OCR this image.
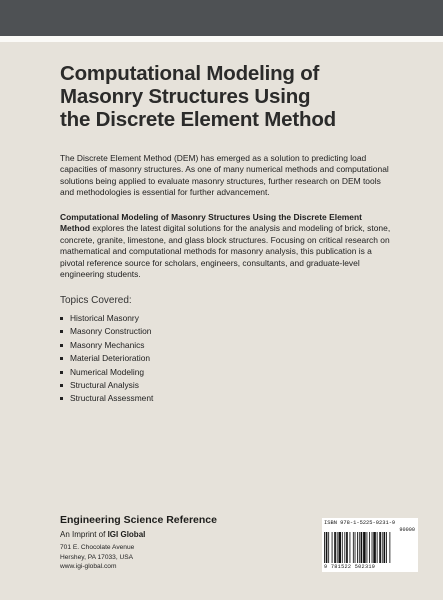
Computational Modeling of
Masonry Structures Using
the Discrete Element Method
The Discrete Element Method (DEM) has emerged as a solution to predicting load capacities of masonry structures. As one of many numerical methods and computational solutions being applied to evaluate masonry structures, further research on DEM tools and methodologies is essential for further advancement.
Computational Modeling of Masonry Structures Using the Discrete Element Method explores the latest digital solutions for the analysis and modeling of brick, stone, concrete, granite, limestone, and glass block structures. Focusing on critical research on mathematical and computational methods for masonry analysis, this publication is a pivotal reference source for scholars, engineers, consultants, and graduate-level engineering students.
Topics Covered:
Historical Masonry
Masonry Construction
Masonry Mechanics
Material Deterioration
Numerical Modeling
Structural Analysis
Structural Assessment
Engineering Science Reference
An Imprint of IGI Global
701 E. Chocolate Avenue
Hershey, PA 17033, USA
www.igi-global.com
ISBN 978-1-5225-0231-9
90000
9 781522 502319
